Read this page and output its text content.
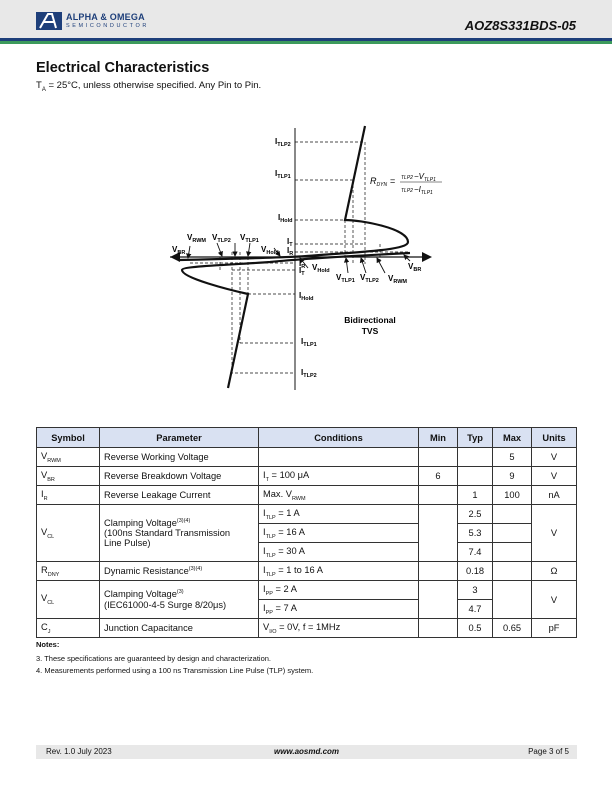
ALPHA & OMEGA
SEMICONDUCTOR	AOZ8S331BDS-05
Electrical Characteristics
$T_A = 25^\circ C$, unless otherwise specified. Any Pin to Pin.
$R_{DYN} = TLP2-V_{TLP1}$
$TLP2-I_{TLP1}$
$I_{TLP2}$
$I_{TLP1}$
$I_{Hold}$
$I_T$
$I_R$
$I_R$
$I_T$
$I_{Hold}$
$I_{TLP1}$
$I_{TLP2}$
$V_{Hold}$
$V_{TLP1}$ $V_{TLP2}$ $V_{RWM}$
$V_{BR}$
$V_{BR}$
$V_{RWM}$ $V_{TLP2}$ $V_{TLP1}$
$V_{Hold}$
Bidirectional
TVS
Symbol	Parameter	Conditions	Min	Typ	Max	Units
$V_{RWM}$	Reverse Working Voltage				5	V
$V_{BR}$	Reverse Breakdown Voltage	$I_T = 100$ μA	6		9	V
$I_R$	Reverse Leakage Current	Max. $V_{RWM}$		1	100	nA
$V_{CL}$	Clamping Voltage$^{(3)(4)}$
(100ns Standard Transmission
Line Pulse)	$I_{TLP} = 1$ A		2.5		V
		$I_{TLP} = 16$ A		5.3		
		$I_{TLP} = 30$ A		7.4		
$R_{DNY}$	Dynamic Resistance$^{(3)(4)}$	$I_{TLP} = 1$ to 16 A		0.18		Ω
$V_{CL}$	Clamping Voltage$^{(3)}$
(IEC61000-4-5 Surge 8/20μs)	$I_{PP} = 2$ A		3		V
		$I_{PP} = 7$ A		4.7		
$C_J$	Junction Capacitance	$V_{I/O} = 0V$, f = 1MHz		0.5	0.65	pF
Notes:
3. These specifications are guaranteed by design and characterization.
4. Measurements performed using a 100 ns Transmission Line Pulse (TLP) system.
Rev. 1.0 July 2023	www.aosmd.com	Page 3 of 5
